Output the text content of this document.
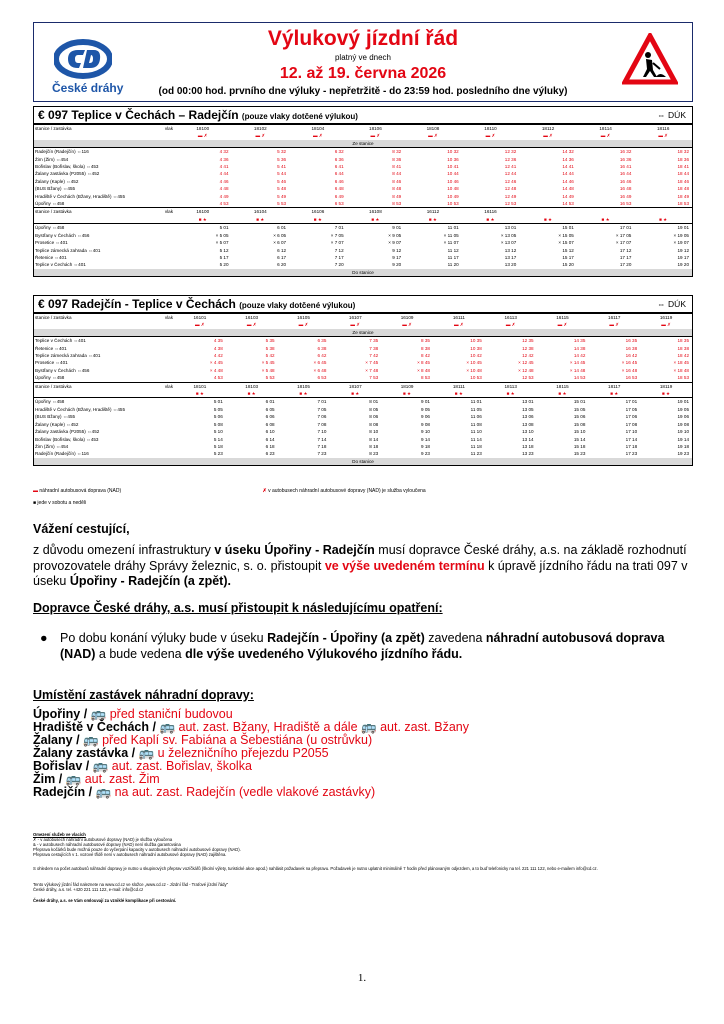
České dráhy
Výlukový jízdní řád
platný ve dnech
12. až 19. června 2026
(od 00:00 hod. prvního dne výluky - nepřetržitě - do 23:59 hod. posledního dne výluky)
€ 097 Teplice v Čechách – Radejčín (pouze vlaky dotčené výlukou)	⇔ DÚK
stanice / zastávka vlak	18100	18102	18104	18106	18108	18110	18112	18114	18116
	▬ ✗	▬ ✗	▬ ✗	▬ ✗	▬ ✗	▬ ✗	▬ ✗	▬ ✗	▬ ✗
Ze stanice									
Radejčín (Radejčín) ⇔116	4 32	5 32	6 32	8 32	10 32	12 32	14 32	16 32	18 32
Žim (Žim) ⇔454	4 36	5 36	6 36	8 36	10 36	12 36	14 36	16 36	18 36
Bořislav (Bořislav, škola) ⇔453	4 41	5 41	6 41	8 41	10 41	12 41	14 41	16 41	18 41
Žalany zastávka (P2055) ⇔452	4 44	5 44	6 44	8 44	10 44	12 44	14 44	16 44	18 44
Žalany (Kaple) ⇔452	4 46	5 46	6 46	8 46	10 46	12 46	14 46	16 46	18 46
(BUS Bžany) ⇔455	4 48	5 48	6 48	8 48	10 48	12 48	14 48	16 48	18 48
Hradiště v Čechách (Bžany, Hradiště) ⇔455	4 49	5 49	6 49	8 49	10 49	12 49	14 49	16 49	18 49
Úpořiny ⇔458	4 53	5 53	6 53	8 53	10 53	12 53	14 53	16 53	18 53
stanice / zastávka vlak	16100	16104	16106	16108	16112	16116			
	■ ★	■ ★	■ ★	■ ★	■ ★	■ ★	■ ★	■ ★	■ ★
Úpořiny ⇔458	5 01	6 01	7 01	9 01	11 01	13 01	15 01	17 01	19 01
Bystřany v Čechách ⇔456	× 5 05	× 6 05	× 7 05	× 9 05	× 11 05	× 13 05	× 15 05	× 17 05	× 19 05
Prosetice ⇔401	× 5 07	× 6 07	× 7 07	× 9 07	× 11 07	× 13 07	× 15 07	× 17 07	× 19 07
Teplice zámecká zahrada ⇔401	5 12	6 12	7 12	9 12	11 12	13 12	15 12	17 12	19 12
Řetenice ⇔401	5 17	6 17	7 17	9 17	11 17	13 17	15 17	17 17	19 17
Teplice v Čechách ⇔401	5 20	6 20	7 20	9 20	11 20	13 20	15 20	17 20	19 20
Do stanice									
€ 097 Radejčín - Teplice v Čechách (pouze vlaky dotčené výlukou)	⇔ DÚK
stanice / zastávka vlak	16101	16103	16105	16107	16109	16111	16113	16115	16117	16119
	▬ ✗	▬ ✗	▬ ✗	▬ ✗	▬ ✗	▬ ✗	▬ ✗	▬ ✗	▬ ✗	▬ ✗
Ze stanice										
Teplice v Čechách ⇔401	4 35	5 35	6 35	7 35	8 35	10 35	12 35	14 35	16 35	18 35
Řetenice ⇔401	4 38	5 38	6 38	7 38	8 38	10 38	12 38	14 38	16 38	18 38
Teplice zámecká zahrada ⇔401	4 42	5 42	6 42	7 42	8 42	10 42	12 42	14 42	16 42	18 42
Prosetice ⇔401	× 4 45	× 5 45	× 6 45	× 7 45	× 8 45	× 10 45	× 12 45	× 14 45	× 16 45	× 18 45
Bystřany v Čechách ⇔456	× 4 48	× 5 48	× 6 48	× 7 48	× 8 48	× 10 48	× 12 48	× 14 48	× 16 48	× 18 48
Úpořiny ⇔458	4 53	5 53	6 53	7 53	8 53	10 53	12 53	14 53	16 53	18 53
stanice / zastávka vlak	18101	18103	18105	18107	18109	18111	18113	18115	18117	18119
	■ ★	■ ★	■ ★	■ ★	■ ★	■ ★	■ ★	■ ★	■ ★	■ ★
Úpořiny ⇔458	5 01	6 01	7 01	8 01	9 01	11 01	13 01	15 01	17 01	19 01
Hradiště v Čechách (Bžany, Hradiště) ⇔455	5 05	6 05	7 05	8 05	9 05	11 05	13 05	15 05	17 05	19 05
(BUS Bžany) ⇔455	5 06	6 06	7 06	8 06	9 06	11 06	13 06	15 06	17 06	19 06
Žalany (Kaple) ⇔452	5 08	6 08	7 08	8 08	9 08	11 08	13 08	15 08	17 08	19 08
Žalany zastávka (P2055) ⇔452	5 10	6 10	7 10	8 10	9 10	11 10	13 10	15 10	17 10	19 10
Bořislav (Bořislav, škola) ⇔453	5 14	6 14	7 14	8 14	9 14	11 14	13 14	15 14	17 14	19 14
Žim (Žim) ⇔454	5 18	6 18	7 18	8 18	9 18	11 18	13 18	15 18	17 18	19 18
Radejčín (Radejčín) ⇔116	5 23	6 23	7 23	8 23	9 23	11 23	13 23	15 23	17 23	19 23
Do stanice										
▬ náhradní autobusová doprava (NAD)	✗ v autobusech náhradní autobusové dopravy (NAD) je služba vyloučena
■ jede v sobotu a neděli
Vážení cestující,
z důvodu omezení infrastruktury v úseku Úpořiny - Radejčín musí dopravce České dráhy, a.s. na základě rozhodnutí provozovatele dráhy Správy železnic, s. o. přistoupit ve výše uvedeném termínu k úpravě jízdního řádu na trati 097 v úseku Úpořiny - Radejčín (a zpět).
Dopravce České dráhy, a.s. musí přistoupit k následujícímu opatření:
● Po dobu konání výluky bude v úseku Radejčín - Úpořiny (a zpět) zavedena náhradní autobusová doprava (NAD) a bude vedena dle výše uvedeného Výlukového jízdního řádu.
Umístění zastávek náhradní dopravy:
Úpořiny / 🚌 před staniční budovou
Hradiště v Čechách / 🚌 aut. zast. Bžany, Hradiště a dále 🚌 aut. zast. Bžany
Žalany / 🚌 před Kaplí sv. Fabiána a Šebestiána (u ostrůvku)
Žalany zastávka / 🚌 u železničního přejezdu P2055
Bořislav / 🚌 aut. zast. Bořislav, školka
Žim / 🚌 aut. zast. Žim
Radejčín / 🚌 na aut. zast. Radejčín (vedle vlakové zastávky)
Omezení služeb ve vlacích
✗ - v autobusech náhradní autobusové dopravy (NAD) je služba vyloučena
& - v autobusech náhradní autobusové dopravy (NAD) není služba garantována
Přeprava kočárků bude možná pouze do vyčerpání kapacity v autobusech náhradní autobusové dopravy (NAD).
Přeprava cestujících v 1. vozové třídě není v autobusech náhradní autobusové dopravy (NAD) zajištěna.
S ohledem na počet autobusů náhradní dopravy je nutno u skupinových přeprav vozíčkářů (školní výlety, turistické akce apod.) nahlásit požadavek na přepravu. Požadavek je nutno uplatnit minimálně 7 hodin před plánovaným odjezdem, a to buď telefonicky na tel. 221 111 122, nebo e-mailem info@cd.cz.
Tento výlukový jízdní řád naleznete na www.cd.cz ve složce „www.cd.cz - Jízdní řád - Traťové jízdní řády"
České dráhy, a.s. tel. +420 221 111 122, e-mail: info@cd.cz
České dráhy, a.s. se Vám omlouvají za vzniklé komplikace při cestování.
1.
